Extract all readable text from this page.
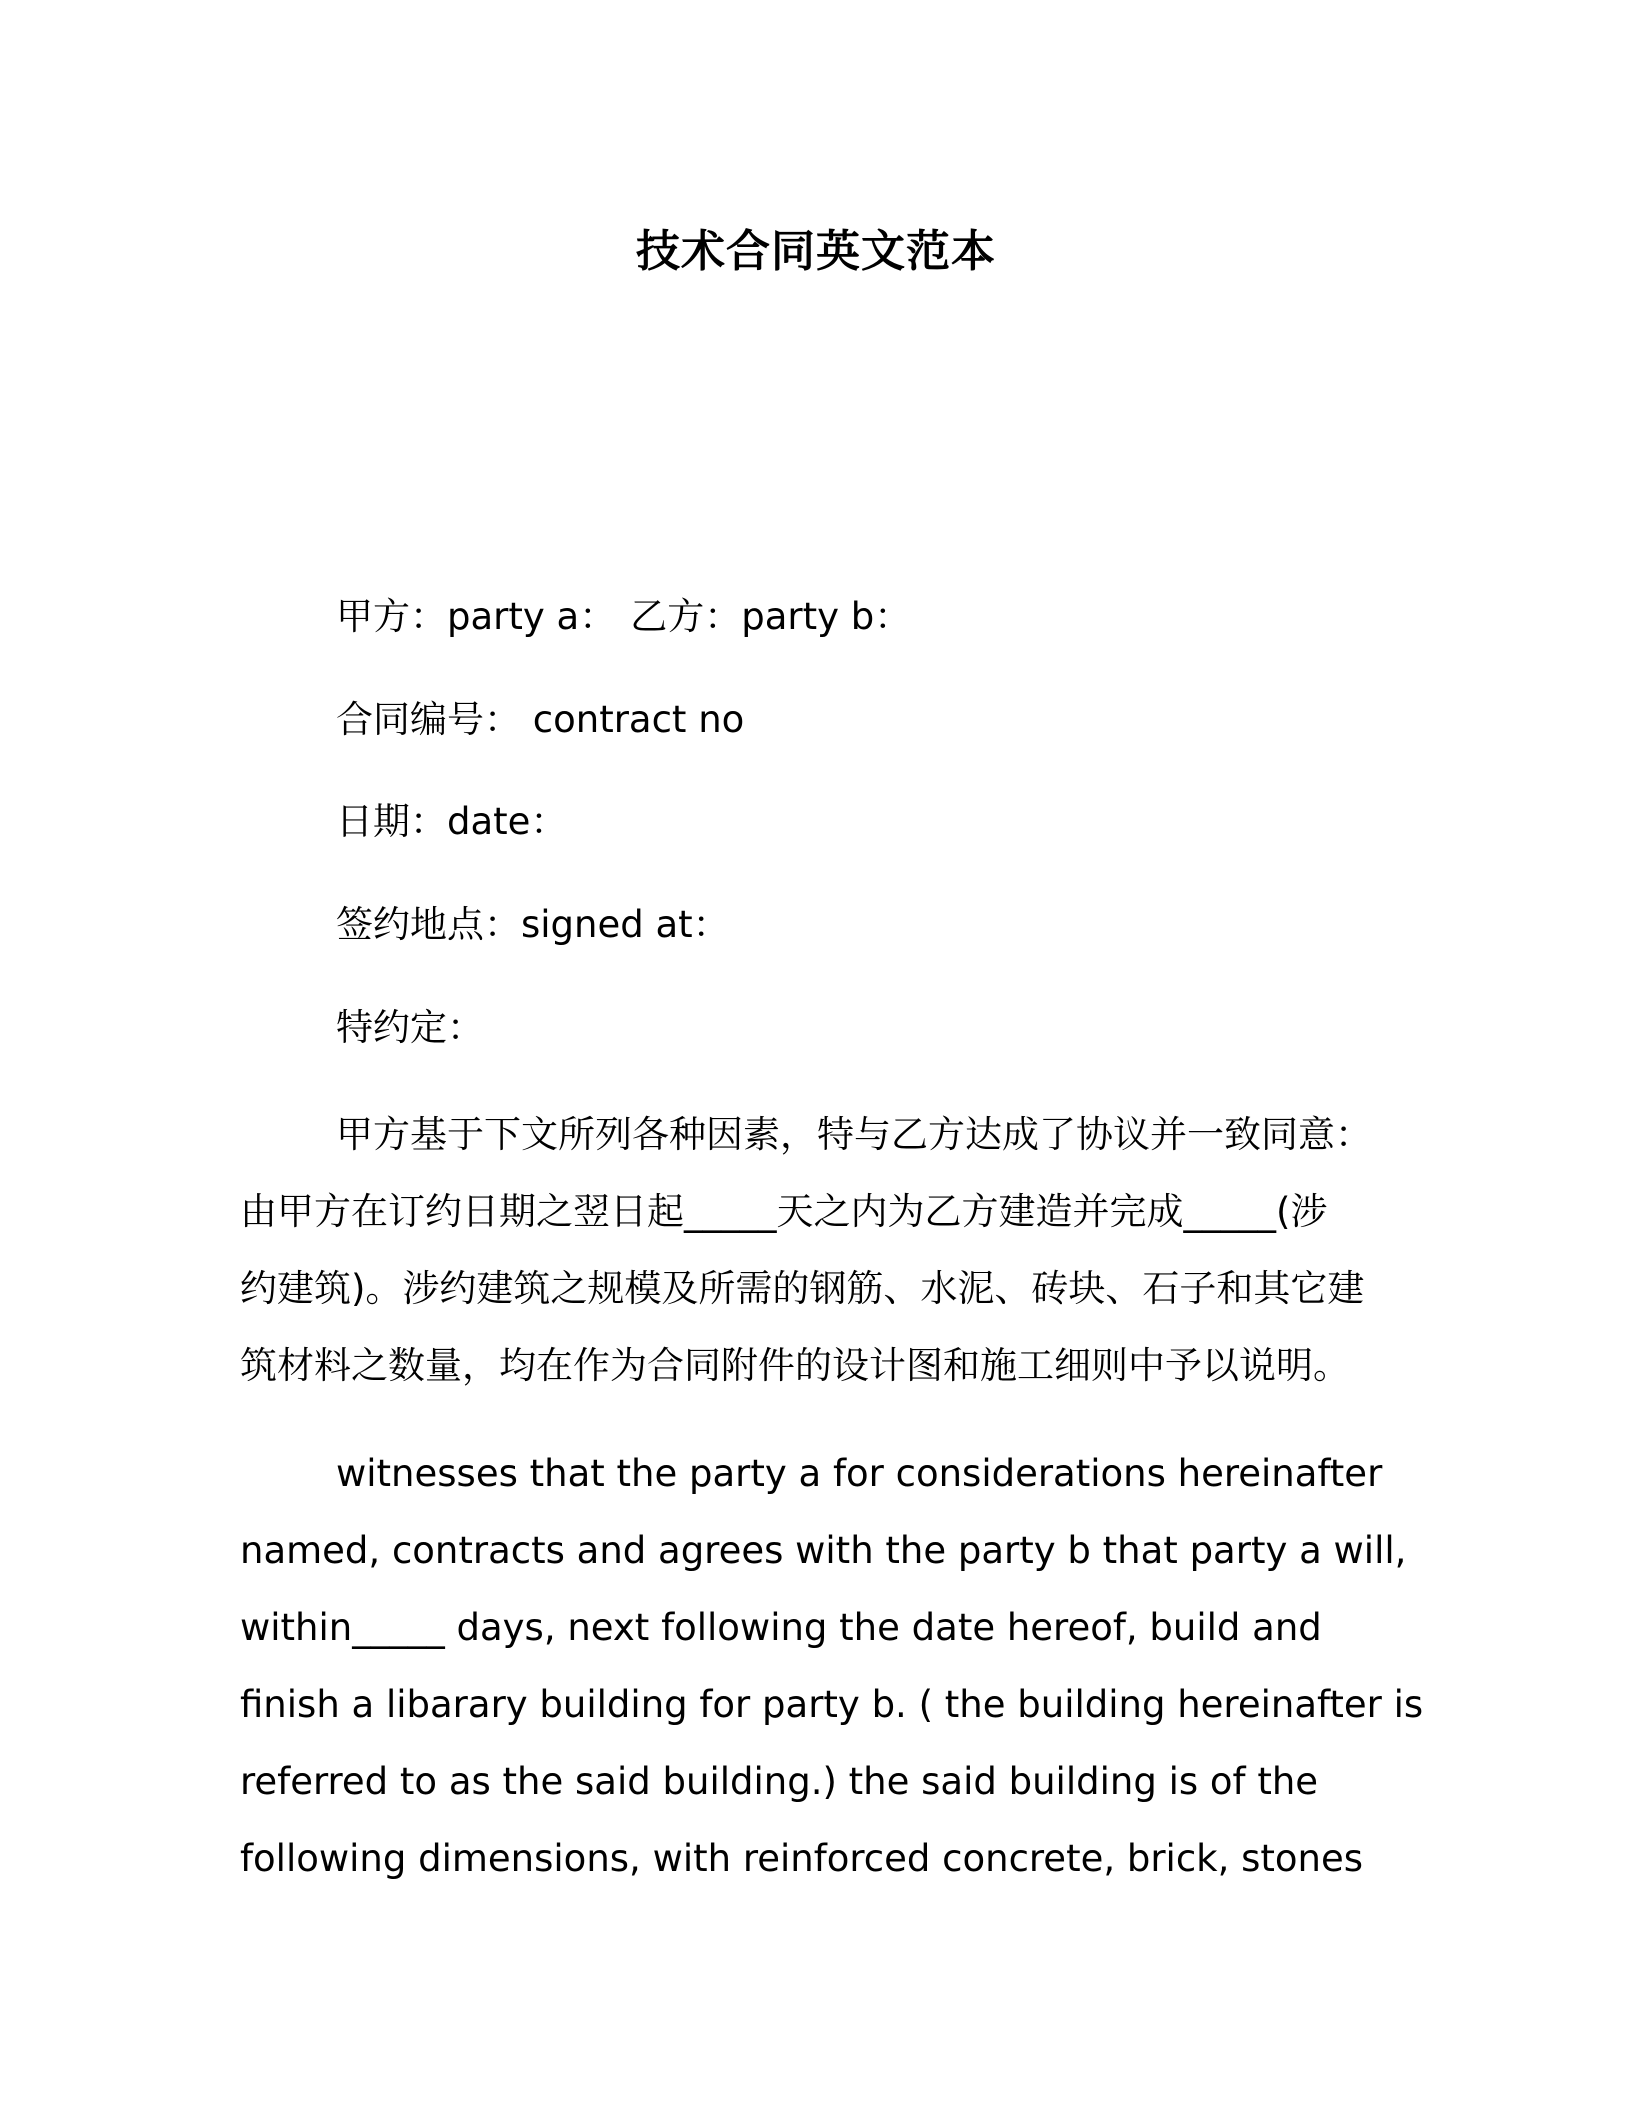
技术合同英文范本
甲方：party a： 乙方：party b：
合同编号： contract no
日期：date：
签约地点：signed at：
特约定：
甲方基于下文所列各种因素，特与乙方达成了协议并一致同意：
由甲方在订约日期之翌日起_____天之内为乙方建造并完成_____(涉
约建筑)。涉约建筑之规模及所需的钢筋、水泥、砖块、石子和其它建
筑材料之数量，均在作为合同附件的设计图和施工细则中予以说明。
witnesses that the party a for considerations hereinafter
named, contracts and agrees with the party b that party a will,
within_____ days, next following the date hereof, build and
finish a libarary building for party b. ( the building hereinafter is
referred to as the said building.) the said building is of the
following dimensions, with reinforced concrete, brick, stones
